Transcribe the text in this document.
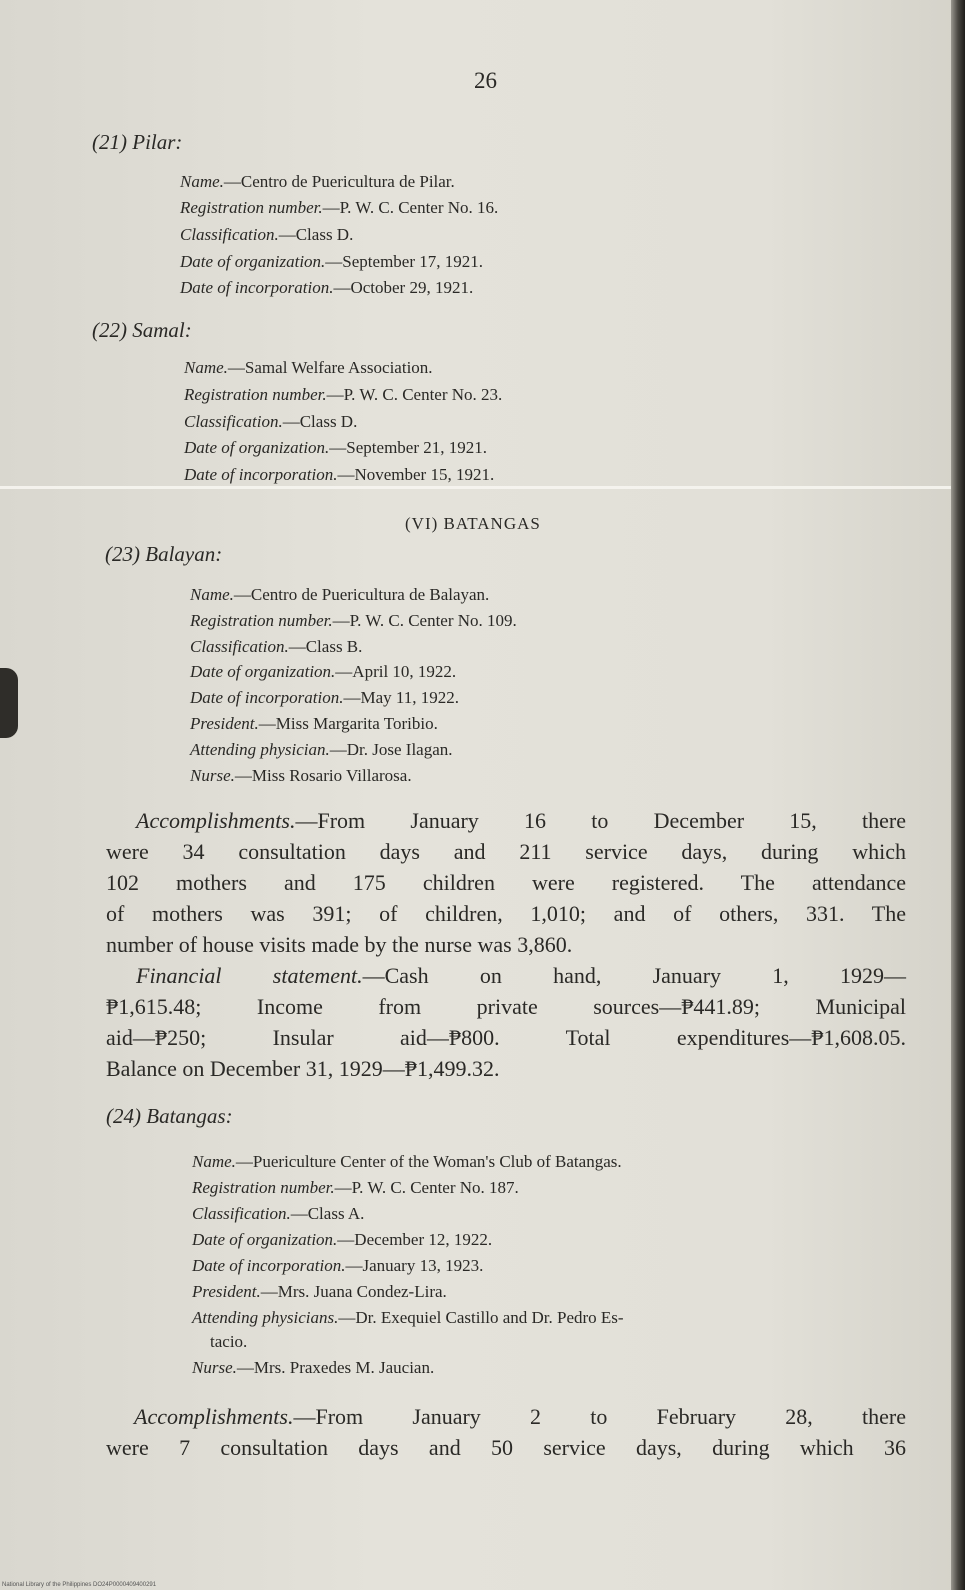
26
(21) Pilar:
Name.—Centro de Puericultura de Pilar.
Registration number.—P. W. C. Center No. 16.
Classification.—Class D.
Date of organization.—September 17, 1921.
Date of incorporation.—October 29, 1921.
(22) Samal:
Name.—Samal Welfare Association.
Registration number.—P. W. C. Center No. 23.
Classification.—Class D.
Date of organization.—September 21, 1921.
Date of incorporation.—November 15, 1921.
(VI) BATANGAS
(23) Balayan:
Name.—Centro de Puericultura de Balayan.
Registration number.—P. W. C. Center No. 109.
Classification.—Class B.
Date of organization.—April 10, 1922.
Date of incorporation.—May 11, 1922.
President.—Miss Margarita Toribio.
Attending physician.—Dr. Jose Ilagan.
Nurse.—Miss Rosario Villarosa.
Accomplishments.—From January 16 to December 15, there
were 34 consultation days and 211 service days, during which
102 mothers and 175 children were registered. The attendance
of mothers was 391; of children, 1,010; and of others, 331. The
number of house visits made by the nurse was 3,860.
Financial statement.—Cash on hand, January 1, 1929—
₱1,615.48; Income from private sources—₱441.89; Municipal
aid—₱250; Insular aid—₱800. Total expenditures—₱1,608.05.
Balance on December 31, 1929—₱1,499.32.
(24) Batangas:
Name.—Puericulture Center of the Woman's Club of Batangas.
Registration number.—P. W. C. Center No. 187.
Classification.—Class A.
Date of organization.—December 12, 1922.
Date of incorporation.—January 13, 1923.
President.—Mrs. Juana Condez-Lira.
Attending physicians.—Dr. Exequiel Castillo and Dr. Pedro Es-
tacio.
Nurse.—Mrs. Praxedes M. Jaucian.
Accomplishments.—From January 2 to February 28, there
were 7 consultation days and 50 service days, during which 36
National Library of the Philippines DO24P0000409400291
